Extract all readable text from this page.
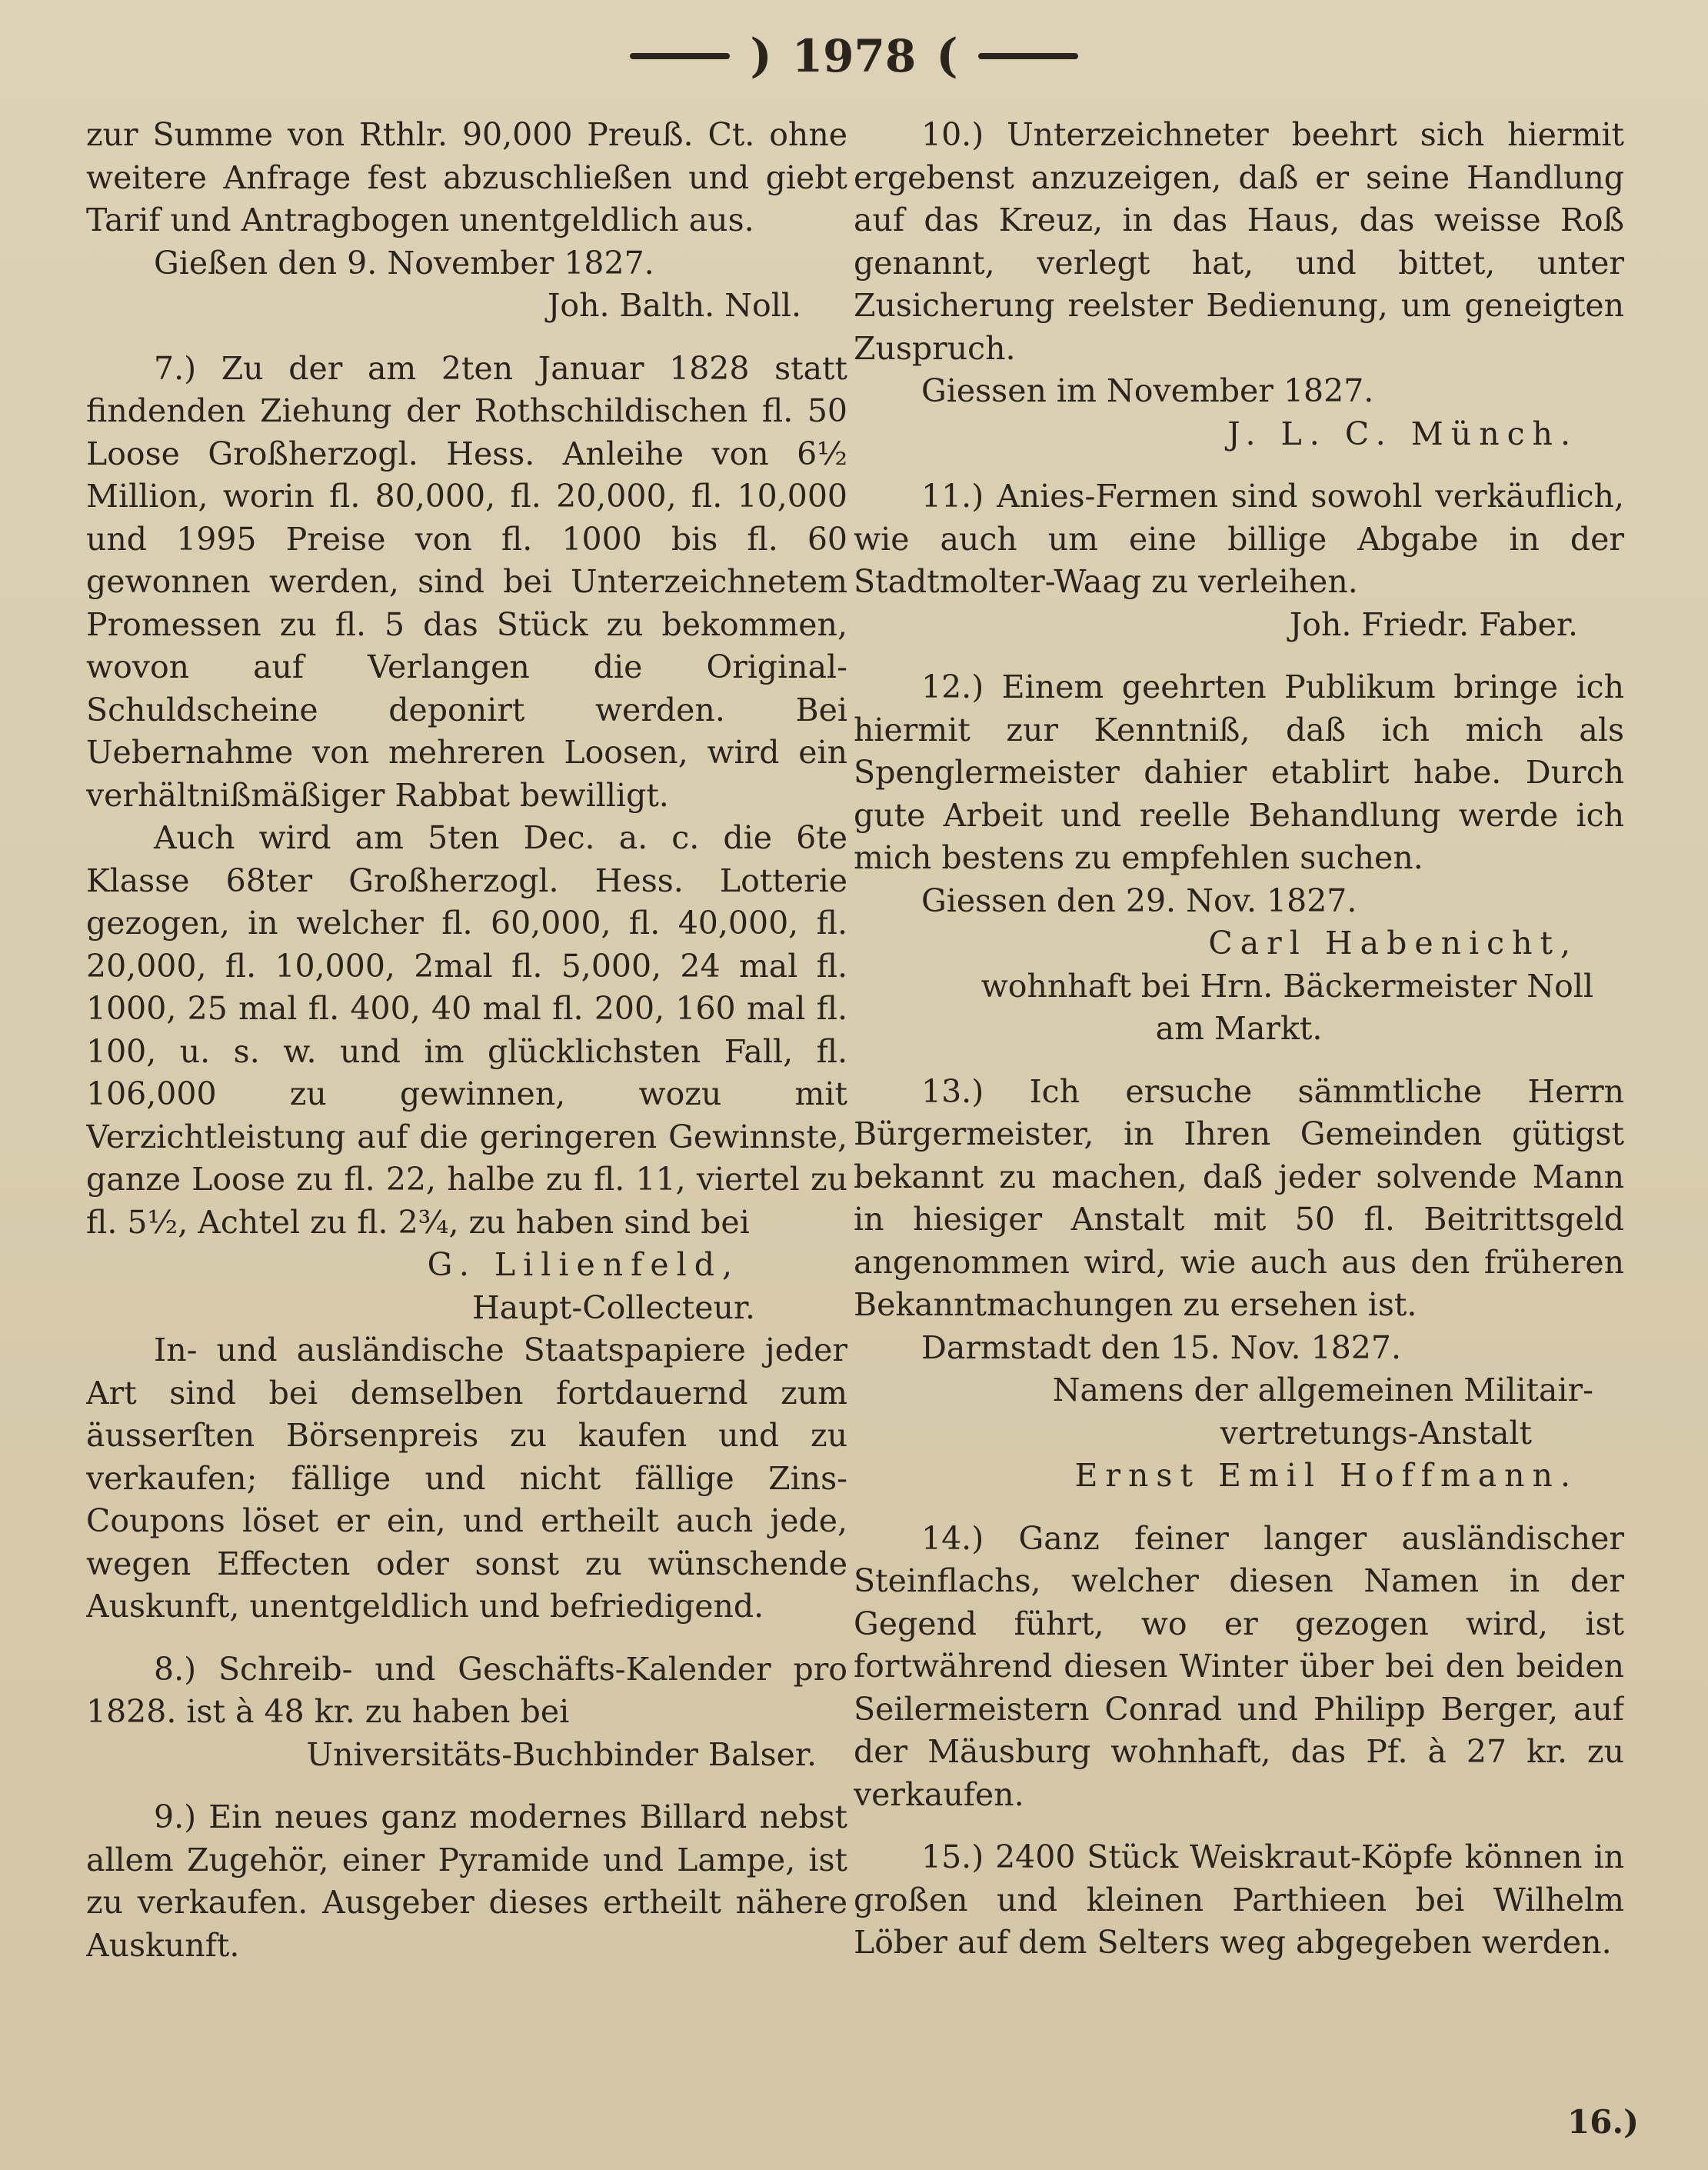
) 1978 (

zur Summe von Rthlr. 90,000 Preuß. Ct. ohne weitere Anfrage fest abzuschließen und giebt Tarif und Antragbogen unentgeldlich aus.

Gießen den 9. November 1827.

Joh. Balth. Noll.

7.) Zu der am 2ten Januar 1828 statt findenden Ziehung der Rothschildischen fl. 50 Loose Großherzogl. Hess. Anleihe von 6½ Million, worin fl. 80,000, fl. 20,000, fl. 10,000 und 1995 Preise von fl. 1000 bis fl. 60 gewonnen werden, sind bei Unterzeichnetem Promessen zu fl. 5 das Stück zu bekommen, wovon auf Verlangen die Original-Schuldscheine deponirt werden. Bei Uebernahme von mehreren Loosen, wird ein verhältnißmäßiger Rabbat bewilligt.

Auch wird am 5ten Dec. a. c. die 6te Klasse 68ter Großherzogl. Hess. Lotterie gezogen, in welcher fl. 60,000, fl. 40,000, fl. 20,000, fl. 10,000, 2mal fl. 5,000, 24 mal fl. 1000, 25 mal fl. 400, 40 mal fl. 200, 160 mal fl. 100, u. s. w. und im glücklichsten Fall, fl. 106,000 zu gewinnen, wozu mit Verzichtleistung auf die geringeren Gewinnste, ganze Loose zu fl. 22, halbe zu fl. 11, viertel zu fl. 5½, Achtel zu fl. 2¾, zu haben sind bei

G. Lilienfeld,

Haupt-Collecteur.

In- und ausländische Staatspapiere jeder Art sind bei demselben fortdauernd zum äusserſten Börsenpreis zu kaufen und zu verkaufen; fällige und nicht fällige Zins-Coupons löset er ein, und ertheilt auch jede, wegen Effecten oder sonst zu wünschende Auskunft, unentgeldlich und befriedigend.

8.) Schreib- und Geschäfts-Kalender pro 1828. ist à 48 kr. zu haben bei

Universitäts-Buchbinder Balser.

9.) Ein neues ganz modernes Billard nebst allem Zugehör, einer Pyramide und Lampe, ist zu verkaufen. Ausgeber dieses ertheilt nähere Auskunft.

10.) Unterzeichneter beehrt sich hiermit ergebenst anzuzeigen, daß er seine Handlung auf das Kreuz, in das Haus, das weisse Roß genannt, verlegt hat, und bittet, unter Zusicherung reelster Bedienung, um geneigten Zuspruch.

Giessen im November 1827.

J. L. C. Münch.

11.) Anies-Fermen sind sowohl verkäuflich, wie auch um eine billige Abgabe in der Stadtmolter-Waag zu verleihen.

Joh. Friedr. Faber.

12.) Einem geehrten Publikum bringe ich hiermit zur Kenntniß, daß ich mich als Spenglermeister dahier etablirt habe. Durch gute Arbeit und reelle Behandlung werde ich mich bestens zu empfehlen suchen.

Giessen den 29. Nov. 1827.

Carl Habenicht,

wohnhaft bei Hrn. Bäckermeister Noll

am Markt.

13.) Ich ersuche sämmtliche Herrn Bürgermeister, in Ihren Gemeinden gütigst bekannt zu machen, daß jeder solvende Mann in hiesiger Anstalt mit 50 fl. Beitrittsgeld angenommen wird, wie auch aus den früheren Bekanntmachungen zu ersehen ist.

Darmstadt den 15. Nov. 1827.

Namens der allgemeinen Militair-

vertretungs-Anstalt

Ernst Emil Hoffmann.

14.) Ganz feiner langer ausländischer Steinflachs, welcher diesen Namen in der Gegend führt, wo er gezogen wird, ist fortwährend diesen Winter über bei den beiden Seilermeistern Conrad und Philipp Berger, auf der Mäusburg wohnhaft, das Pf. à 27 kr. zu verkaufen.

15.) 2400 Stück Weiskraut-Köpfe können in großen und kleinen Parthieen bei Wilhelm Löber auf dem Selters weg abgegeben werden.

16.)
